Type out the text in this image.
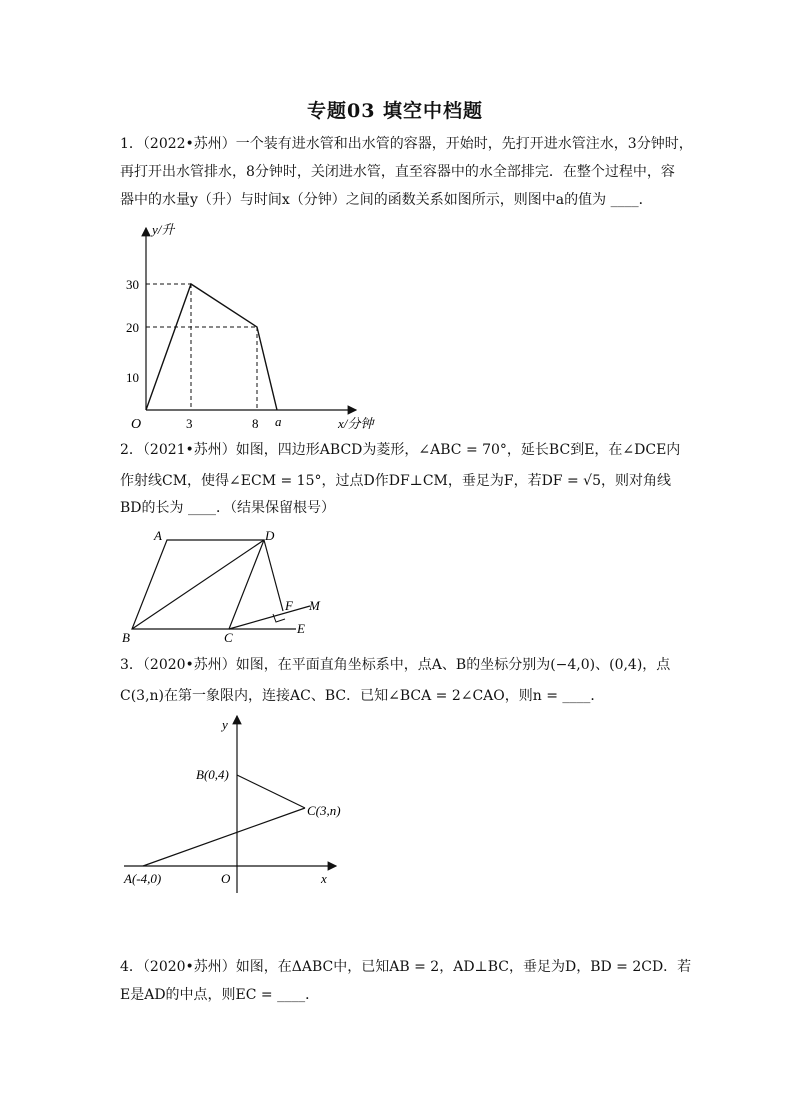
专题03 填空中档题
1．（2022•苏州）一个装有进水管和出水管的容器，开始时，先打开进水管注水，3分钟时，
再打开出水管排水，8分钟时，关闭进水管，直至容器中的水全部排完．在整个过程中，容
器中的水量y（升）与时间x（分钟）之间的函数关系如图所示，则图中a的值为 ____．
2．（2021•苏州）如图，四边形ABCD为菱形，∠ABC = 70°，延长BC到E，在∠DCE内
作射线CM，使得∠ECM = 15°，过点D作DF⊥CM，垂足为F，若DF = √5，则对角线
BD的长为 ____．（结果保留根号）
3．（2020•苏州）如图，在平面直角坐标系中，点A、B的坐标分别为(−4,0)、(0,4)，点
C(3,n)在第一象限内，连接AC、BC．已知∠BCA = 2∠CAO，则n = ____．
4．（2020•苏州）如图，在ΔABC中，已知AB = 2，AD⊥BC，垂足为D，BD = 2CD．若
E是AD的中点，则EC = ____．
y/升
x/分钟
O
30
20
10
3	8 a
A	D
B	C
E
F M
y
B(0,4)
C(3,n)
A(-4,0)	O	x
